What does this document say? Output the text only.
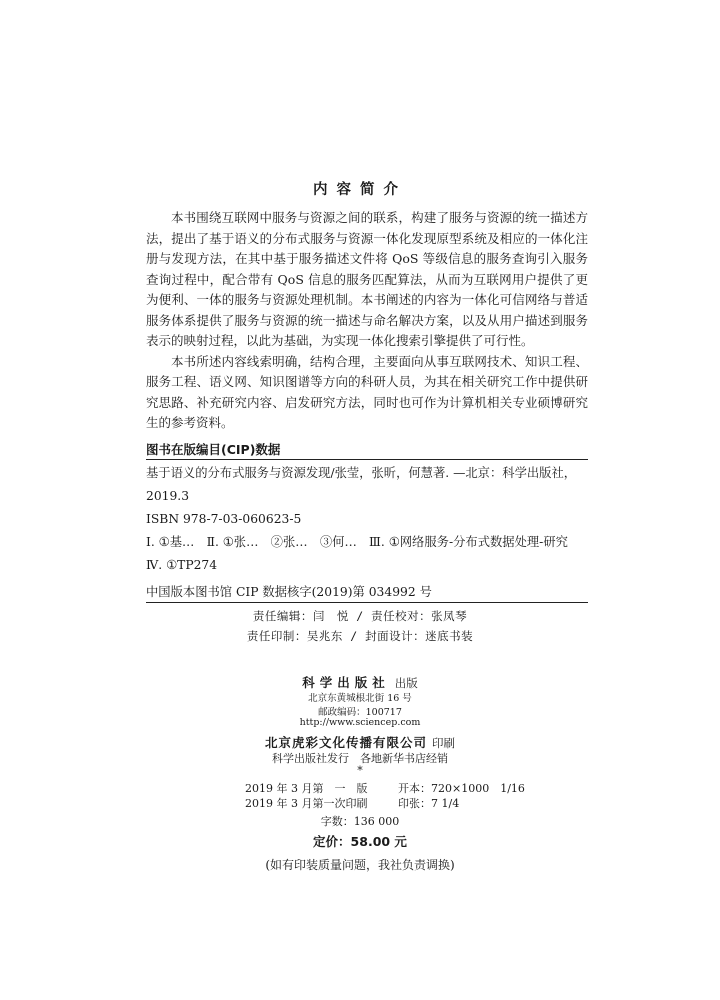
内容简介

本书围绕互联网中服务与资源之间的联系，构建了服务与资源的统一描述方法，提出了基于语义的分布式服务与资源一体化发现原型系统及相应的一体化注册与发现方法，在其中基于服务描述文件将 QoS 等级信息的服务查询引入服务查询过程中，配合带有 QoS 信息的服务匹配算法，从而为互联网用户提供了更为便利、一体的服务与资源处理机制。本书阐述的内容为一体化可信网络与普适服务体系提供了服务与资源的统一描述与命名解决方案，以及从用户描述到服务表示的映射过程，以此为基础，为实现一体化搜索引擎提供了可行性。

本书所述内容线索明确，结构合理，主要面向从事互联网技术、知识工程、服务工程、语义网、知识图谱等方向的科研人员，为其在相关研究工作中提供研究思路、补充研究内容、启发研究方法，同时也可作为计算机相关专业硕博研究生的参考资料。

图书在版编目(CIP)数据
基于语义的分布式服务与资源发现/张莹，张昕，何慧著. —北京：科学出版社，2019.3
ISBN 978-7-03-060623-5
Ⅰ. ①基…　Ⅱ. ①张…　②张…　③何…　Ⅲ. ①网络服务-分布式数据处理-研究　Ⅳ. ①TP274
中国版本图书馆 CIP 数据核字(2019)第 034992 号
责任编辑：闫　悦 / 责任校对：张凤琴
责任印制：吴兆东 / 封面设计：迷底书装
科学出版社 出版
北京东黄城根北街 16 号
邮政编码：100717
http://www.sciencep.com
北京虎彩文化传播有限公司 印刷
科学出版社发行　各地新华书店经销
*
2019 年 3 月第　一　版	开本：720×1000　1/16
2019 年 3 月第一次印刷	印张：7 1/4
字数：136 000
定价：58.00 元
(如有印装质量问题，我社负责调换)
